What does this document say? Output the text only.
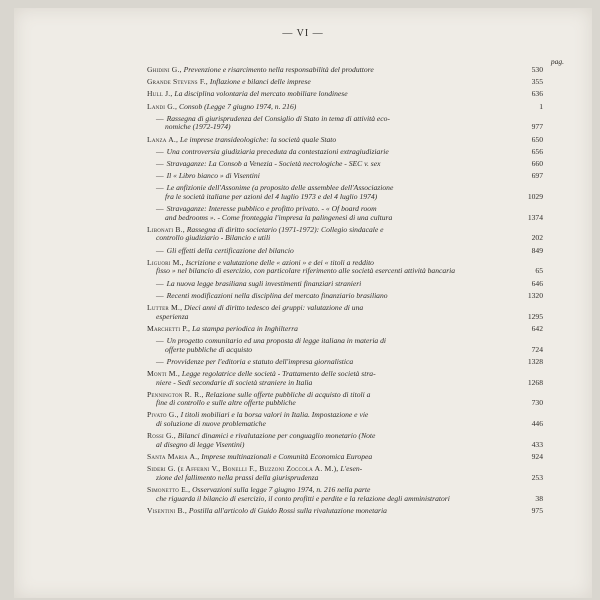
— VI —
pag.
Ghidini G., Prevenzione e risarcimento nella responsabilità del produttore	530
Grande Stevens F., Inflazione e bilanci delle imprese	355
Hull J., La disciplina volontaria del mercato mobiliare londinese	636
Landi G., Consob (Legge 7 giugno 1974, n. 216)	1
— Rassegna di giurisprudenza del Consiglio di Stato in tema di attività eco-
nomiche (1972-1974)	977
Lanza A., Le imprese transideologiche: la società quale Stato	650
— Una controversia giudiziaria preceduta da contestazioni extragiudiziarie	656
— Stravaganze: La Consob a Venezia - Società necrologiche - SEC v. sex	660
— Il « Libro bianco » di Visentini	697
— Le anfizionie dell'Assonime (a proposito delle assemblee dell'Associazione
fra le società italiane per azioni del 4 luglio 1973 e del 4 luglio 1974)	1029
— Stravaganze: Interesse pubblico e profitto privato. - « Of board room
and bedrooms ». - Come fronteggia l'impresa la palingenesi di una cultura	1374
Libonati B., Rassegna di diritto societario (1971-1972): Collegio sindacale e
controllo giudiziario - Bilancio e utili	202
— Gli effetti della certificazione del bilancio	849
Liguori M., Iscrizione e valutazione delle « azioni » e dei « titoli a reddito
fisso » nel bilancio di esercizio, con particolare riferimento alle società esercenti attività bancaria	65
— La nuova legge brasiliana sugli investimenti finanziari stranieri	646
— Recenti modificazioni nella disciplina del mercato finanziario brasiliano	1320
Lutter M., Dieci anni di diritto tedesco dei gruppi: valutazione di una
esperienza	1295
Marchetti P., La stampa periodica in Inghilterra	642
— Un progetto comunitario ed una proposta di legge italiana in materia di
offerte pubbliche di acquisto	724
— Provvidenze per l'editoria e statuto dell'impresa giornalistica	1328
Monti M., Legge regolatrice delle società - Trattamento delle società stra-
niere - Sedi secondarie di società straniere in Italia	1268
Pennington R. R., Relazione sulle offerte pubbliche di acquisto di titoli a
fine di controllo e sulle altre offerte pubbliche	730
Pivato G., I titoli mobiliari e la borsa valori in Italia. Impostazione e vie
di soluzione di nuove problematiche	446
Rossi G., Bilanci dinamici e rivalutazione per conguaglio monetario (Note
al disegno di legge Visentini)	433
Santa Maria A., Imprese multinazionali e Comunità Economica Europea	924
Sideri G. (e Afferni V., Bonelli F., Buzzoni Zoccola A. M.), L'esen-
zione del fallimento nella prassi della giurisprudenza	253
Simonetto E., Osservazioni sulla legge 7 giugno 1974, n. 216 nella parte
che riguarda il bilancio di esercizio, il conto profitti e perdite e la relazione degli amministratori	38
Visentini B., Postilla all'articolo di Guido Rossi sulla rivalutazione monetaria	975
